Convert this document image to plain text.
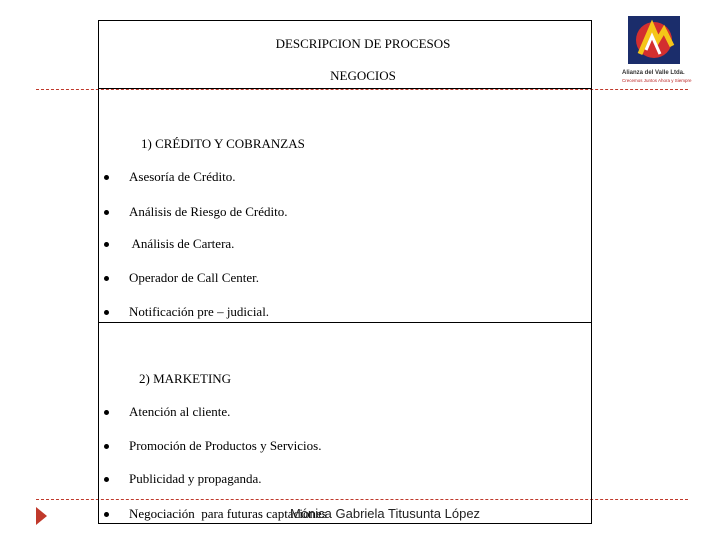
DESCRIPCION DE PROCESOS
NEGOCIOS	Alianza del Valle Ltda.
Crecemos Juntos Ahora y Siempre
1) CRÉDITO Y COBRANZAS
Asesoría de Crédito.
Análisis de Riesgo de Crédito.
Análisis de Cartera.
Operador de Call Center.
Notificación pre – judicial.
2) MARKETING
Atención al cliente.
Promoción de Productos y Servicios.
Publicidad y propaganda.
Negociación  para futuras captaciones
Mónica Gabriela Titusunta López
